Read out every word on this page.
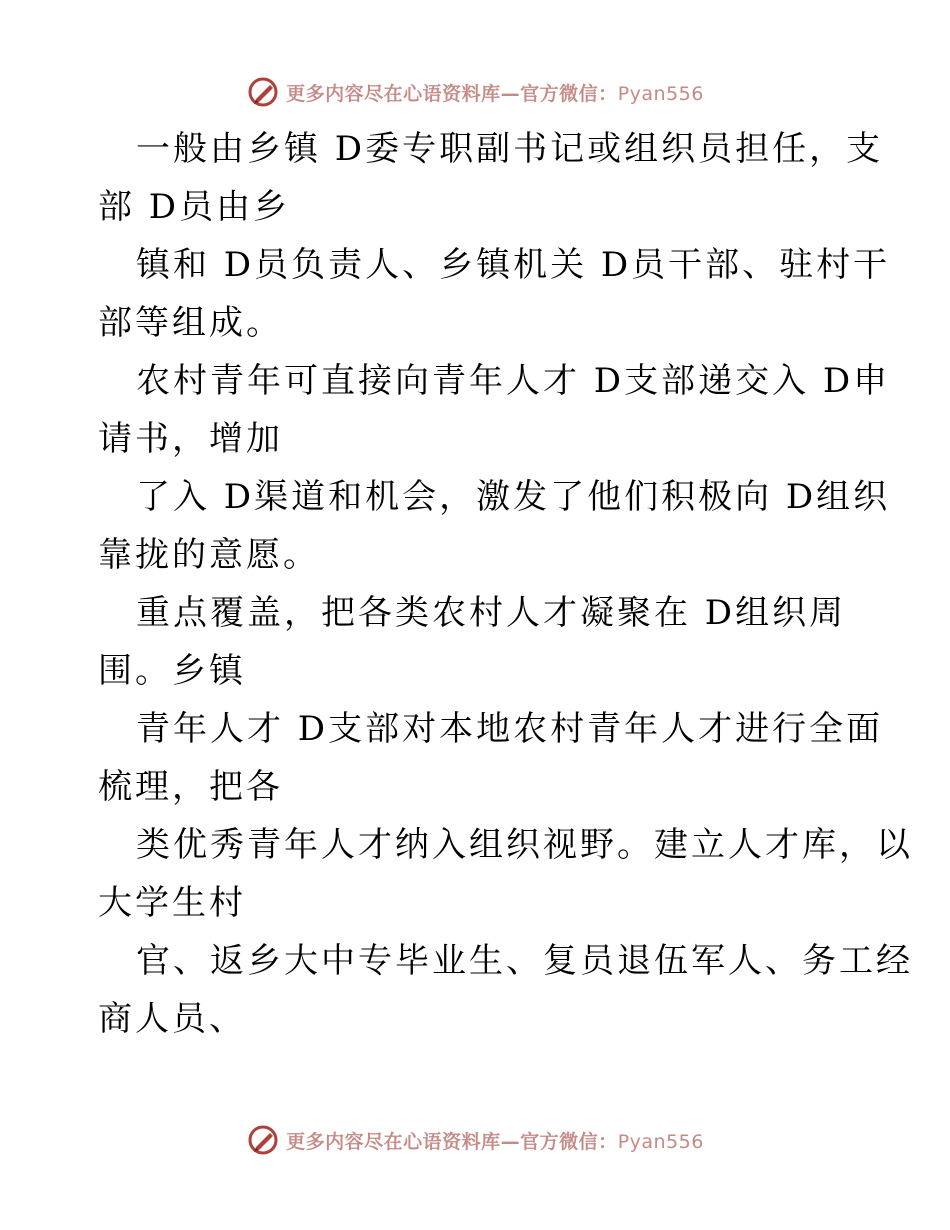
更多内容尽在心语资料库—官方微信：Pyan556
一般由乡镇 D委专职副书记或组织员担任，支
部 D员由乡
镇和 D员负责人、乡镇机关 D员干部、驻村干
部等组成。
农村青年可直接向青年人才 D支部递交入 D申
请书，增加
了入 D渠道和机会，激发了他们积极向 D组织
靠拢的意愿。
重点覆盖，把各类农村人才凝聚在 D组织周
围。乡镇
青年人才 D支部对本地农村青年人才进行全面
梳理，把各
类优秀青年人才纳入组织视野。建立人才库，以
大学生村
官、返乡大中专毕业生、复员退伍军人、务工经
商人员、
更多内容尽在心语资料库—官方微信：Pyan556
